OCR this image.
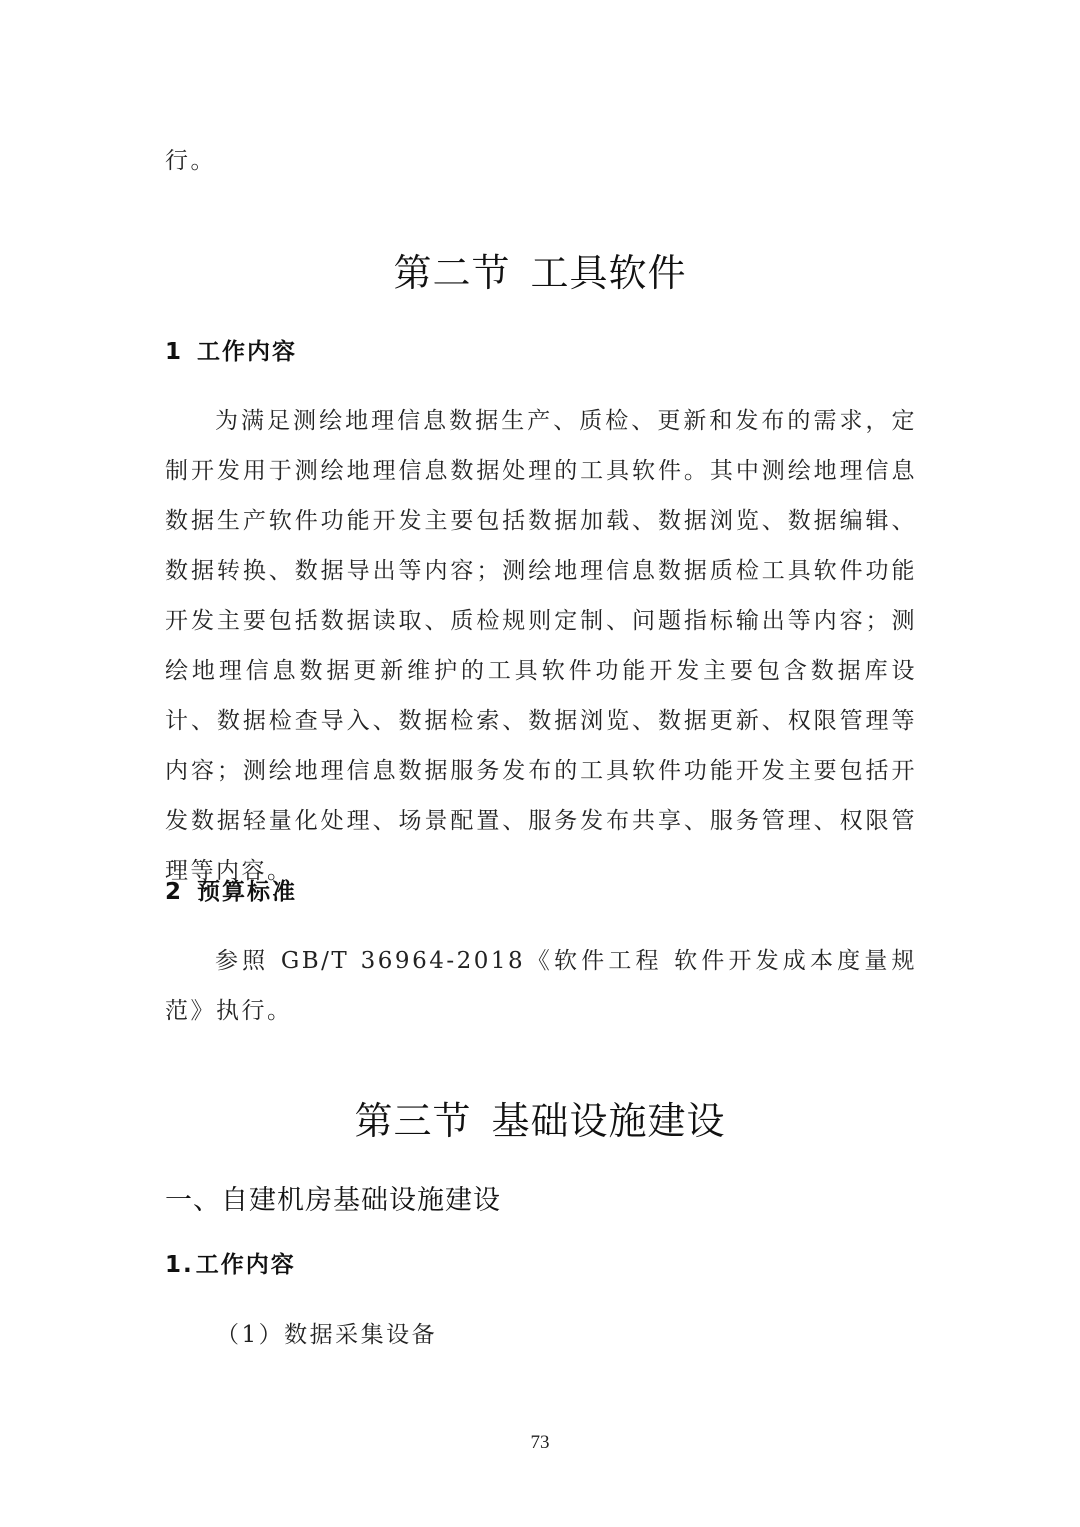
行。
第二节 工具软件
1 工作内容
为满足测绘地理信息数据生产、质检、更新和发布的需求，定制开发用于测绘地理信息数据处理的工具软件。其中测绘地理信息数据生产软件功能开发主要包括数据加载、数据浏览、数据编辑、数据转换、数据导出等内容；测绘地理信息数据质检工具软件功能开发主要包括数据读取、质检规则定制、问题指标输出等内容；测绘地理信息数据更新维护的工具软件功能开发主要包含数据库设计、数据检查导入、数据检索、数据浏览、数据更新、权限管理等内容；测绘地理信息数据服务发布的工具软件功能开发主要包括开发数据轻量化处理、场景配置、服务发布共享、服务管理、权限管理等内容。
2 预算标准
参照 GB/T 36964-2018《软件工程 软件开发成本度量规范》执行。
第三节 基础设施建设
一、自建机房基础设施建设
1.工作内容
（1）数据采集设备
73
